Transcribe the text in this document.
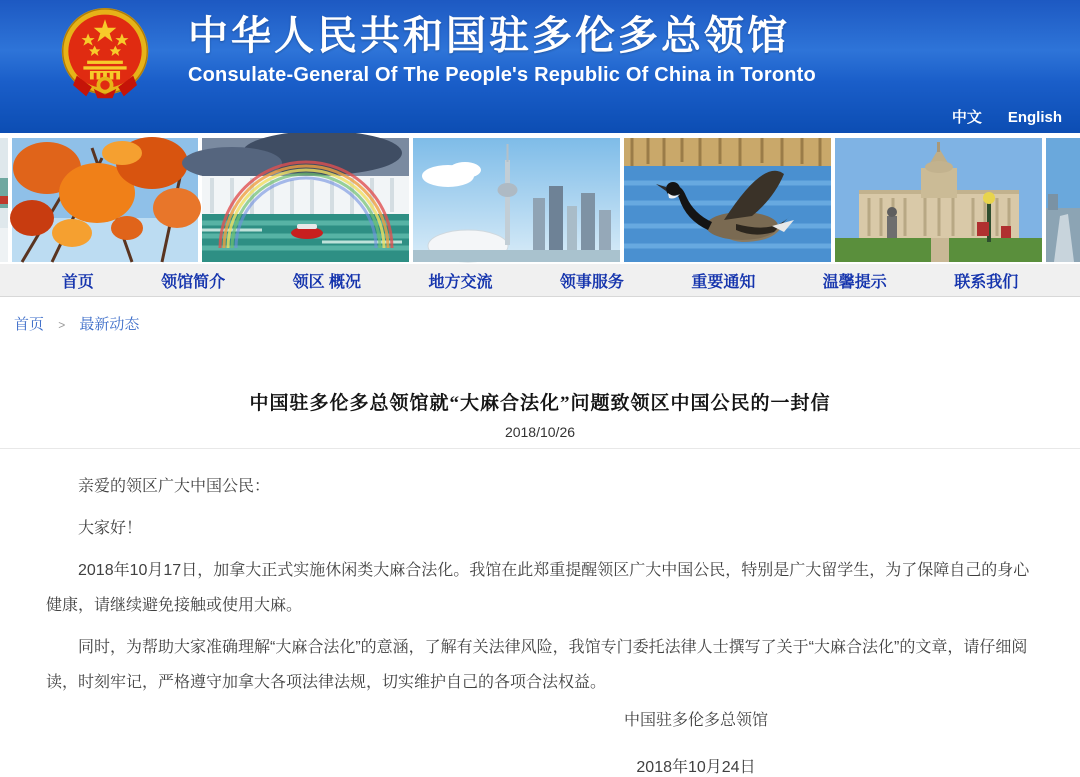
中华人民共和国驻多伦多总领馆
Consulate-General Of The People's Republic Of China in Toronto
中文 English
首页	领馆简介	领区 概况	地方交流	领事服务	重要通知	温馨提示	联系我们
首页 > 最新动态
中国驻多伦多总领馆就“大麻合法化”问题致领区中国公民的一封信
2018/10/26

亲爱的领区广大中国公民：

大家好！

2018年10月17日，加拿大正式实施休闲类大麻合法化。我馆在此郑重提醒领区广大中国公民，特别是广大留学生，为了保障自己的身心健康，请继续避免接触或使用大麻。

同时，为帮助大家准确理解“大麻合法化”的意涵，了解有关法律风险，我馆专门委托法律人士撰写了关于“大麻合法化”的文章，请仔细阅读，时刻牢记，严格遵守加拿大各项法律法规，切实维护自己的各项合法权益。

中国驻多伦多总领馆
2018年10月24日
